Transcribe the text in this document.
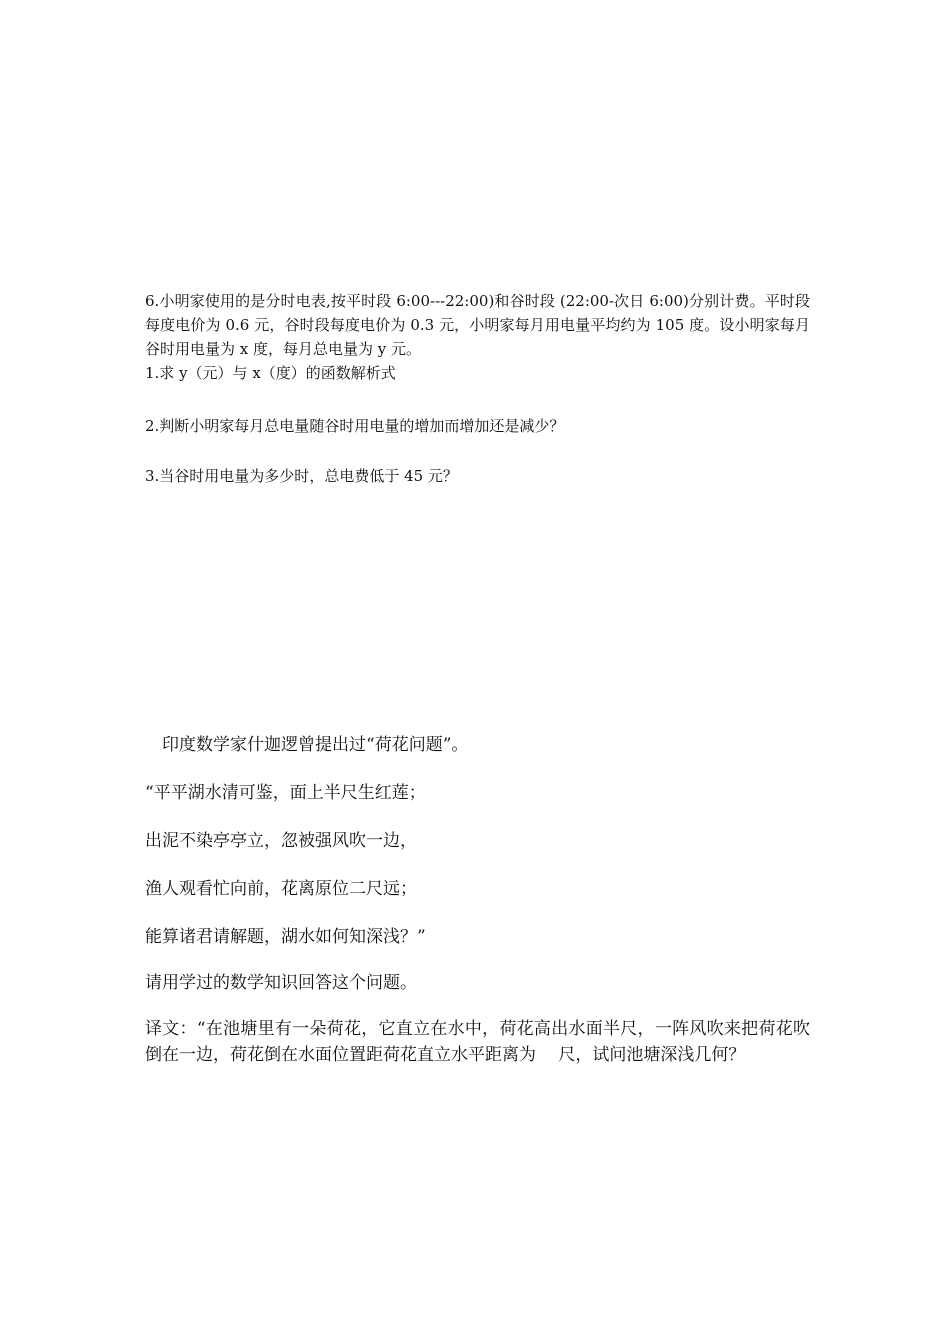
6.小明家使用的是分时电表,按平时段 6:00---22:00)和谷时段 (22:00-次日 6:00)分别计费。平时段每度电价为 0.6 元，谷时段每度电价为 0.3 元，小明家每月用电量平均约为 105 度。设小明家每月谷时用电量为 x 度，每月总电量为 y 元。
1.求 y（元）与 x（度）的函数解析式
2.判断小明家每月总电量随谷时用电量的增加而增加还是减少？
3.当谷时用电量为多少时，总电费低于 45 元？
印度数学家什迦逻曾提出过“荷花问题”。
“平平湖水清可鉴，面上半尺生红莲；
出泥不染亭亭立，忽被强风吹一边，
渔人观看忙向前，花离原位二尺远；
能算诸君请解题，湖水如何知深浅？”
请用学过的数学知识回答这个问题。
译文：“在池塘里有一朵荷花，它直立在水中，荷花高出水面半尺，一阵风吹来把荷花吹倒在一边，荷花倒在水面位置距荷花直立水平距离为　 尺，试问池塘深浅几何？
